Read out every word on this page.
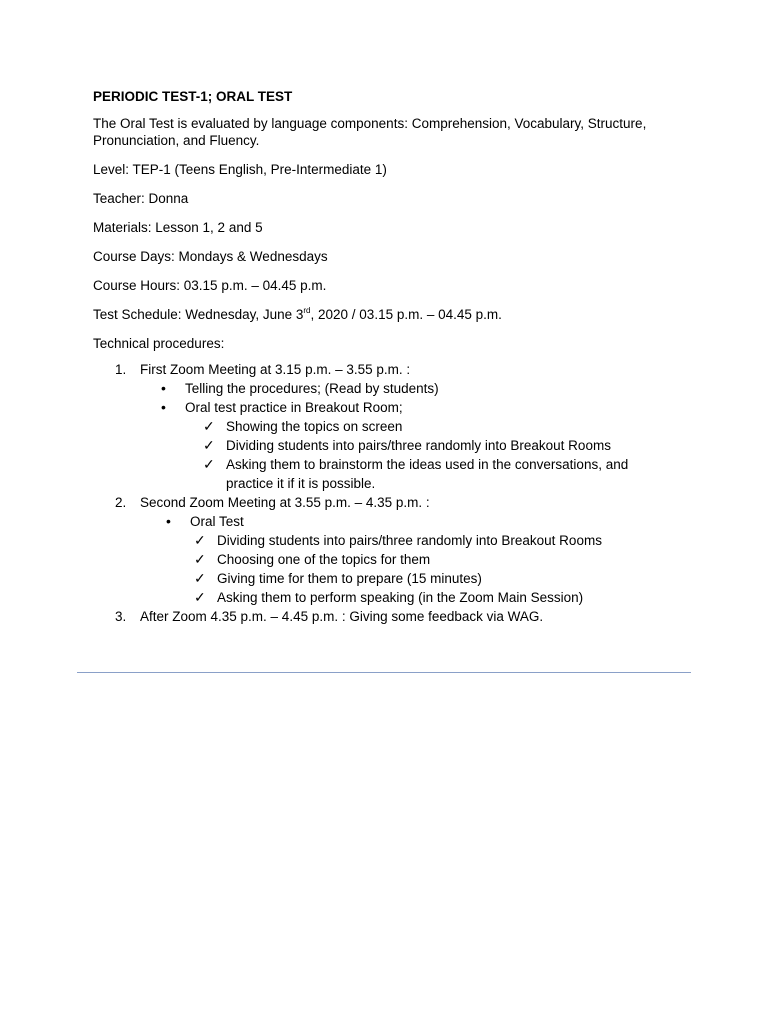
PERIODIC TEST-1; ORAL TEST
The Oral Test is evaluated by language components: Comprehension, Vocabulary, Structure, Pronunciation, and Fluency.
Level: TEP-1 (Teens English, Pre-Intermediate 1)
Teacher: Donna
Materials: Lesson 1, 2 and 5
Course Days: Mondays & Wednesdays
Course Hours: 03.15 p.m. – 04.45 p.m.
Test Schedule: Wednesday, June 3rd, 2020 / 03.15 p.m. – 04.45 p.m.
Technical procedures:
1. First Zoom Meeting at 3.15 p.m. – 3.55 p.m. :
• Telling the procedures; (Read by students)
• Oral test practice in Breakout Room;
✓ Showing the topics on screen
✓ Dividing students into pairs/three randomly into Breakout Rooms
✓ Asking them to brainstorm the ideas used in the conversations, and
practice it if it is possible.
2. Second Zoom Meeting at 3.55 p.m. – 4.35 p.m. :
• Oral Test
✓ Dividing students into pairs/three randomly into Breakout Rooms
✓ Choosing one of the topics for them
✓ Giving time for them to prepare (15 minutes)
✓ Asking them to perform speaking (in the Zoom Main Session)
3. After Zoom 4.35 p.m. – 4.45 p.m. : Giving some feedback via WAG.
